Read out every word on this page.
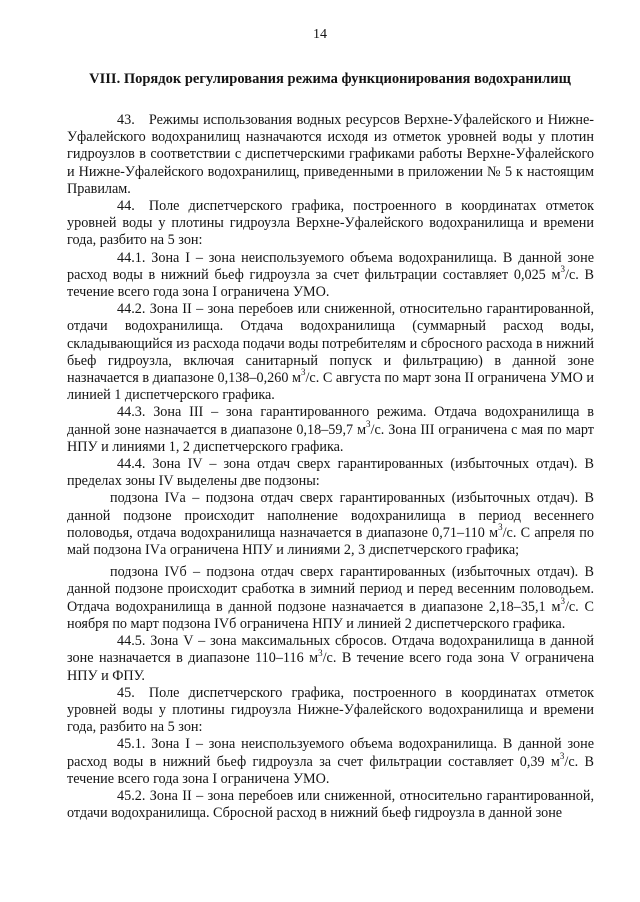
14
VIII. Порядок регулирования режима функционирования водохранилищ

43. Режимы использования водных ресурсов Верхне-Уфалейского и Нижне-Уфалейского водохранилищ назначаются исходя из отметок уровней воды у плотин гидроузлов в соответствии с диспетчерскими графиками работы Верхне-Уфалейского и Нижне-Уфалейского водохранилищ, приведенными в приложении № 5 к настоящим Правилам.

44. Поле диспетчерского графика, построенного в координатах отметок уровней воды у плотины гидроузла Верхне-Уфалейского водохранилища и времени года, разбито на 5 зон:

44.1. Зона I – зона неиспользуемого объема водохранилища. В данной зоне расход воды в нижний бьеф гидроузла за счет фильтрации составляет 0,025 $м^3/с$. В течение всего года зона I ограничена УМО.

44.2. Зона II – зона перебоев или сниженной, относительно гарантированной, отдачи водохранилища. Отдача водохранилища (суммарный расход воды, складывающийся из расхода подачи воды потребителям и сбросного расхода в нижний бьеф гидроузла, включая санитарный попуск и фильтрацию) в данной зоне назначается в диапазоне 0,138–0,260 $м^3/с$. С августа по март зона II ограничена УМО и линией 1 диспетчерского графика.

44.3. Зона III – зона гарантированного режима. Отдача водохранилища в данной зоне назначается в диапазоне 0,18–59,7 $м^3/с$. Зона III ограничена с мая по март НПУ и линиями 1, 2 диспетчерского графика.

44.4. Зона IV – зона отдач сверх гарантированных (избыточных отдач). В пределах зоны IV выделены две подзоны:

подзона IVа – подзона отдач сверх гарантированных (избыточных отдач). В данной подзоне происходит наполнение водохранилища в период весеннего половодья, отдача водохранилища назначается в диапазоне 0,71–110 $м^3/с$. С апреля по май подзона IVа ограничена НПУ и линиями 2, 3 диспетчерского графика;

подзона IVб – подзона отдач сверх гарантированных (избыточных отдач). В данной подзоне происходит сработка в зимний период и перед весенним половодьем. Отдача водохранилища в данной подзоне назначается в диапазоне 2,18–35,1 $м^3/с$. С ноября по март подзона IVб ограничена НПУ и линией 2 диспетчерского графика.

44.5. Зона V – зона максимальных сбросов. Отдача водохранилища в данной зоне назначается в диапазоне 110–116 $м^3/с$. В течение всего года зона V ограничена НПУ и ФПУ.

45. Поле диспетчерского графика, построенного в координатах отметок уровней воды у плотины гидроузла Нижне-Уфалейского водохранилища и времени года, разбито на 5 зон:

45.1. Зона I – зона неиспользуемого объема водохранилища. В данной зоне расход воды в нижний бьеф гидроузла за счет фильтрации составляет 0,39 $м^3/с$. В течение всего года зона I ограничена УМО.

45.2. Зона II – зона перебоев или сниженной, относительно гарантированной, отдачи водохранилища. Сбросной расход в нижний бьеф гидроузла в данной зоне
